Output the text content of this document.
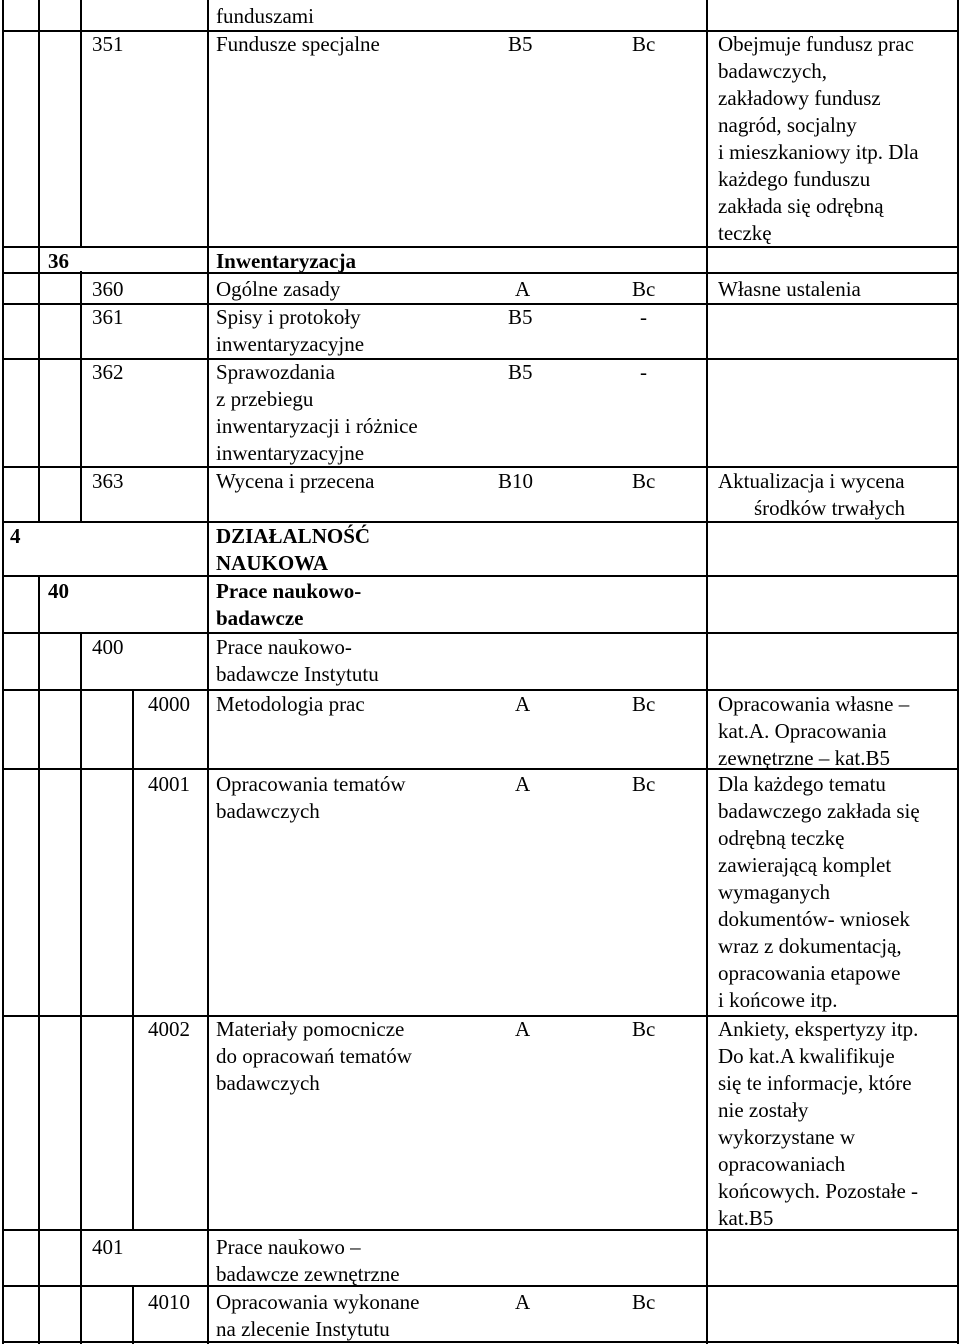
funduszami
351	Fundusze specjalne	B5	Bc	Obejmuje fundusz prac
badawczych,
zakładowy fundusz
nagród, socjalny
i mieszkaniowy itp. Dla
każdego funduszu
zakłada się odrębną
teczkę
36	Inwentaryzacja
360	Ogólne zasady	A	Bc	Własne ustalenia
361	Spisy i protokoły
inwentaryzacyjne
B5	-
362	Sprawozdania
z przebiegu
inwentaryzacji i różnice
inwentaryzacyjne
B5	-
363	Wycena i przecena	B10	Bc	Aktualizacja i wycena
środków trwałych
4	DZIAŁALNOŚĆ
NAUKOWA
40	Prace naukowo-
badawcze
400	Prace naukowo-
badawcze Instytutu
4000 Metodologia prac	A	Bc	Opracowania własne –
kat.A. Opracowania
zewnętrzne – kat.B5
4001 Opracowania tematów
badawczych
A	Bc	Dla każdego tematu
badawczego zakłada się
odrębną teczkę
zawierającą komplet
wymaganych
dokumentów- wniosek
wraz z dokumentacją,
opracowania etapowe
i końcowe itp.
4002 Materiały pomocnicze
do opracowań tematów
badawczych
A	Bc	Ankiety, ekspertyzy itp.
Do kat.A kwalifikuje
się te informacje, które
nie zostały
wykorzystane w
opracowaniach
końcowych. Pozostałe -
kat.B5
401	Prace naukowo –
badawcze zewnętrzne
4010 Opracowania wykonane
na zlecenie Instytutu
A	Bc
